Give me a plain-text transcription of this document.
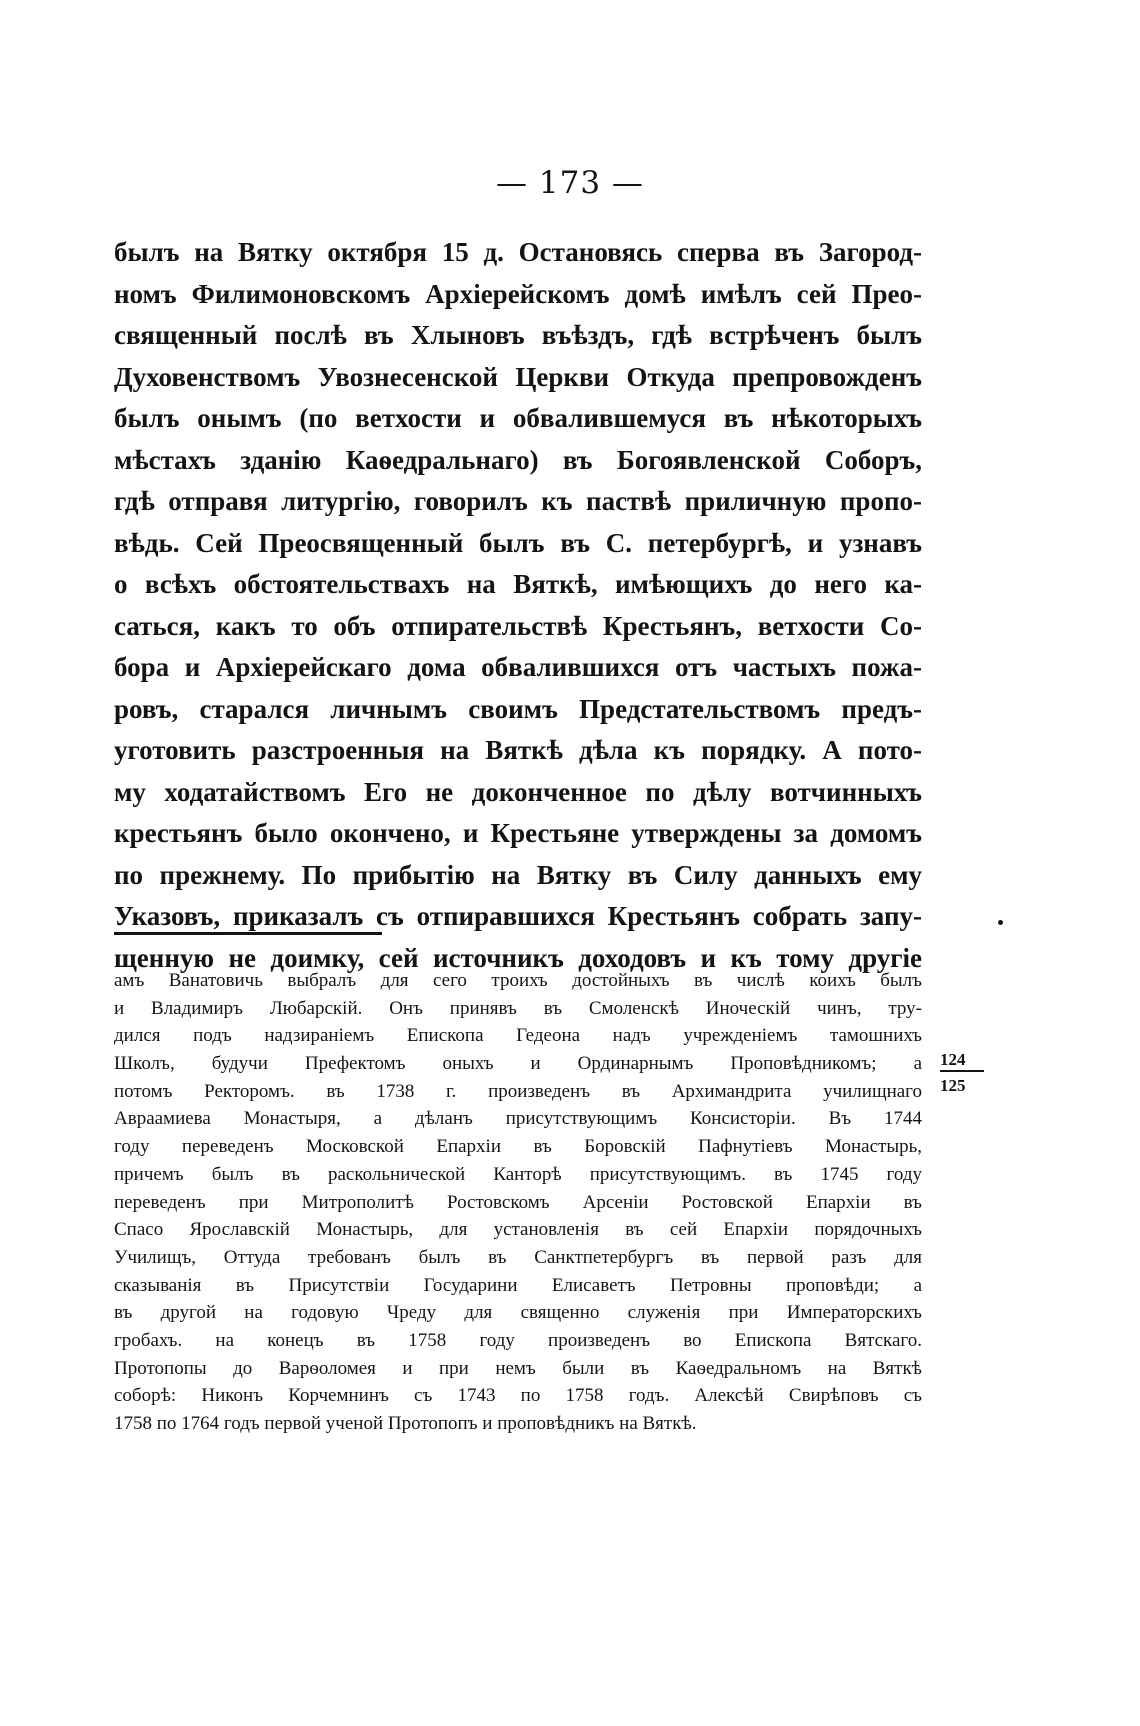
— 173 —
былъ на Вятку октября 15 д. Остановясь сперва въ Загород-
номъ Филимоновскомъ Архіерейскомъ домѣ имѣлъ сей Прео-
священный послѣ въ Хлыновъ въѣздъ, гдѣ встрѣченъ былъ
Духовенствомъ Увознесенской Церкви Откуда препровожденъ
былъ онымъ (по ветхости и обвалившемуся въ нѣкоторыхъ
мѣстахъ зданію Каѳедральнаго) въ Богоявленской Соборъ,
гдѣ отправя литургію, говорилъ къ паствѣ приличную пропо-
вѣдь. Сей Преосвященный былъ въ С. петербургѣ, и узнавъ
о всѣхъ обстоятельствахъ на Вяткѣ, имѣющихъ до него ка-
саться, какъ то объ отпирательствѣ Крестьянъ, ветхости Со-
бора и Архіерейскаго дома обвалившихся отъ частыхъ пожа-
ровъ, старался личнымъ своимъ Предстательствомъ предъ-
уготовить разстроенныя на Вяткѣ дѣла къ порядку. А пото-
му ходатайствомъ Его не доконченное по дѣлу вотчинныхъ
крестьянъ было окончено, и Крестьяне утверждены за домомъ
по прежнему. По прибытію на Вятку въ Силу данныхъ ему
Указовъ, приказалъ съ отпиравшихся Крестьянъ собрать запу-
щенную не доимку, сей источникъ доходовъ и къ тому другіе
амъ Ванатовичь выбралъ для сего троихъ достойныхъ въ числѣ коихъ былъ
и Владимиръ Любарскій. Онъ принявъ въ Смоленскѣ Иноческій чинъ, тру-
дился подъ надзираніемъ Епископа Гедеона надъ учрежденіемъ тамошнихъ
Школъ, будучи Префектомъ оныхъ и Ординарнымъ Проповѣдникомъ; а
потомъ Ректоромъ. въ 1738 г. произведенъ въ Архимандрита училищнаго
Авраамиева Монастыря, а дѣланъ присутствующимъ Консисторіи. Въ 1744
году переведенъ Московской Епархіи въ Боровскій Пафнутіевъ Монастырь,
причемъ былъ въ раскольнической Канторѣ присутствующимъ. въ 1745 году
переведенъ при Митрополитѣ Ростовскомъ Арсеніи Ростовской Епархіи въ
Спасо Ярославскій Монастырь, для установленія въ сей Епархіи порядочныхъ
Училищъ, Оттуда требованъ былъ въ Санктпетербургъ въ первой разъ для
сказыванія въ Присутствіи Государини Елисаветъ Петровны проповѣди; а
въ другой на годовую Чреду для священно служенія при Императорскихъ
гробахъ. на конецъ въ 1758 году произведенъ во Епископа Вятскаго.
Протопопы до Варѳоломея и при немъ были въ Каѳедральномъ на Вяткѣ
соборѣ: Никонъ Корчемнинъ съ 1743 по 1758 годъ. Алексѣй Свирѣповъ съ
1758 по 1764 годъ первой ученой Протопопъ и проповѣдникъ на Вяткѣ.
124
125
